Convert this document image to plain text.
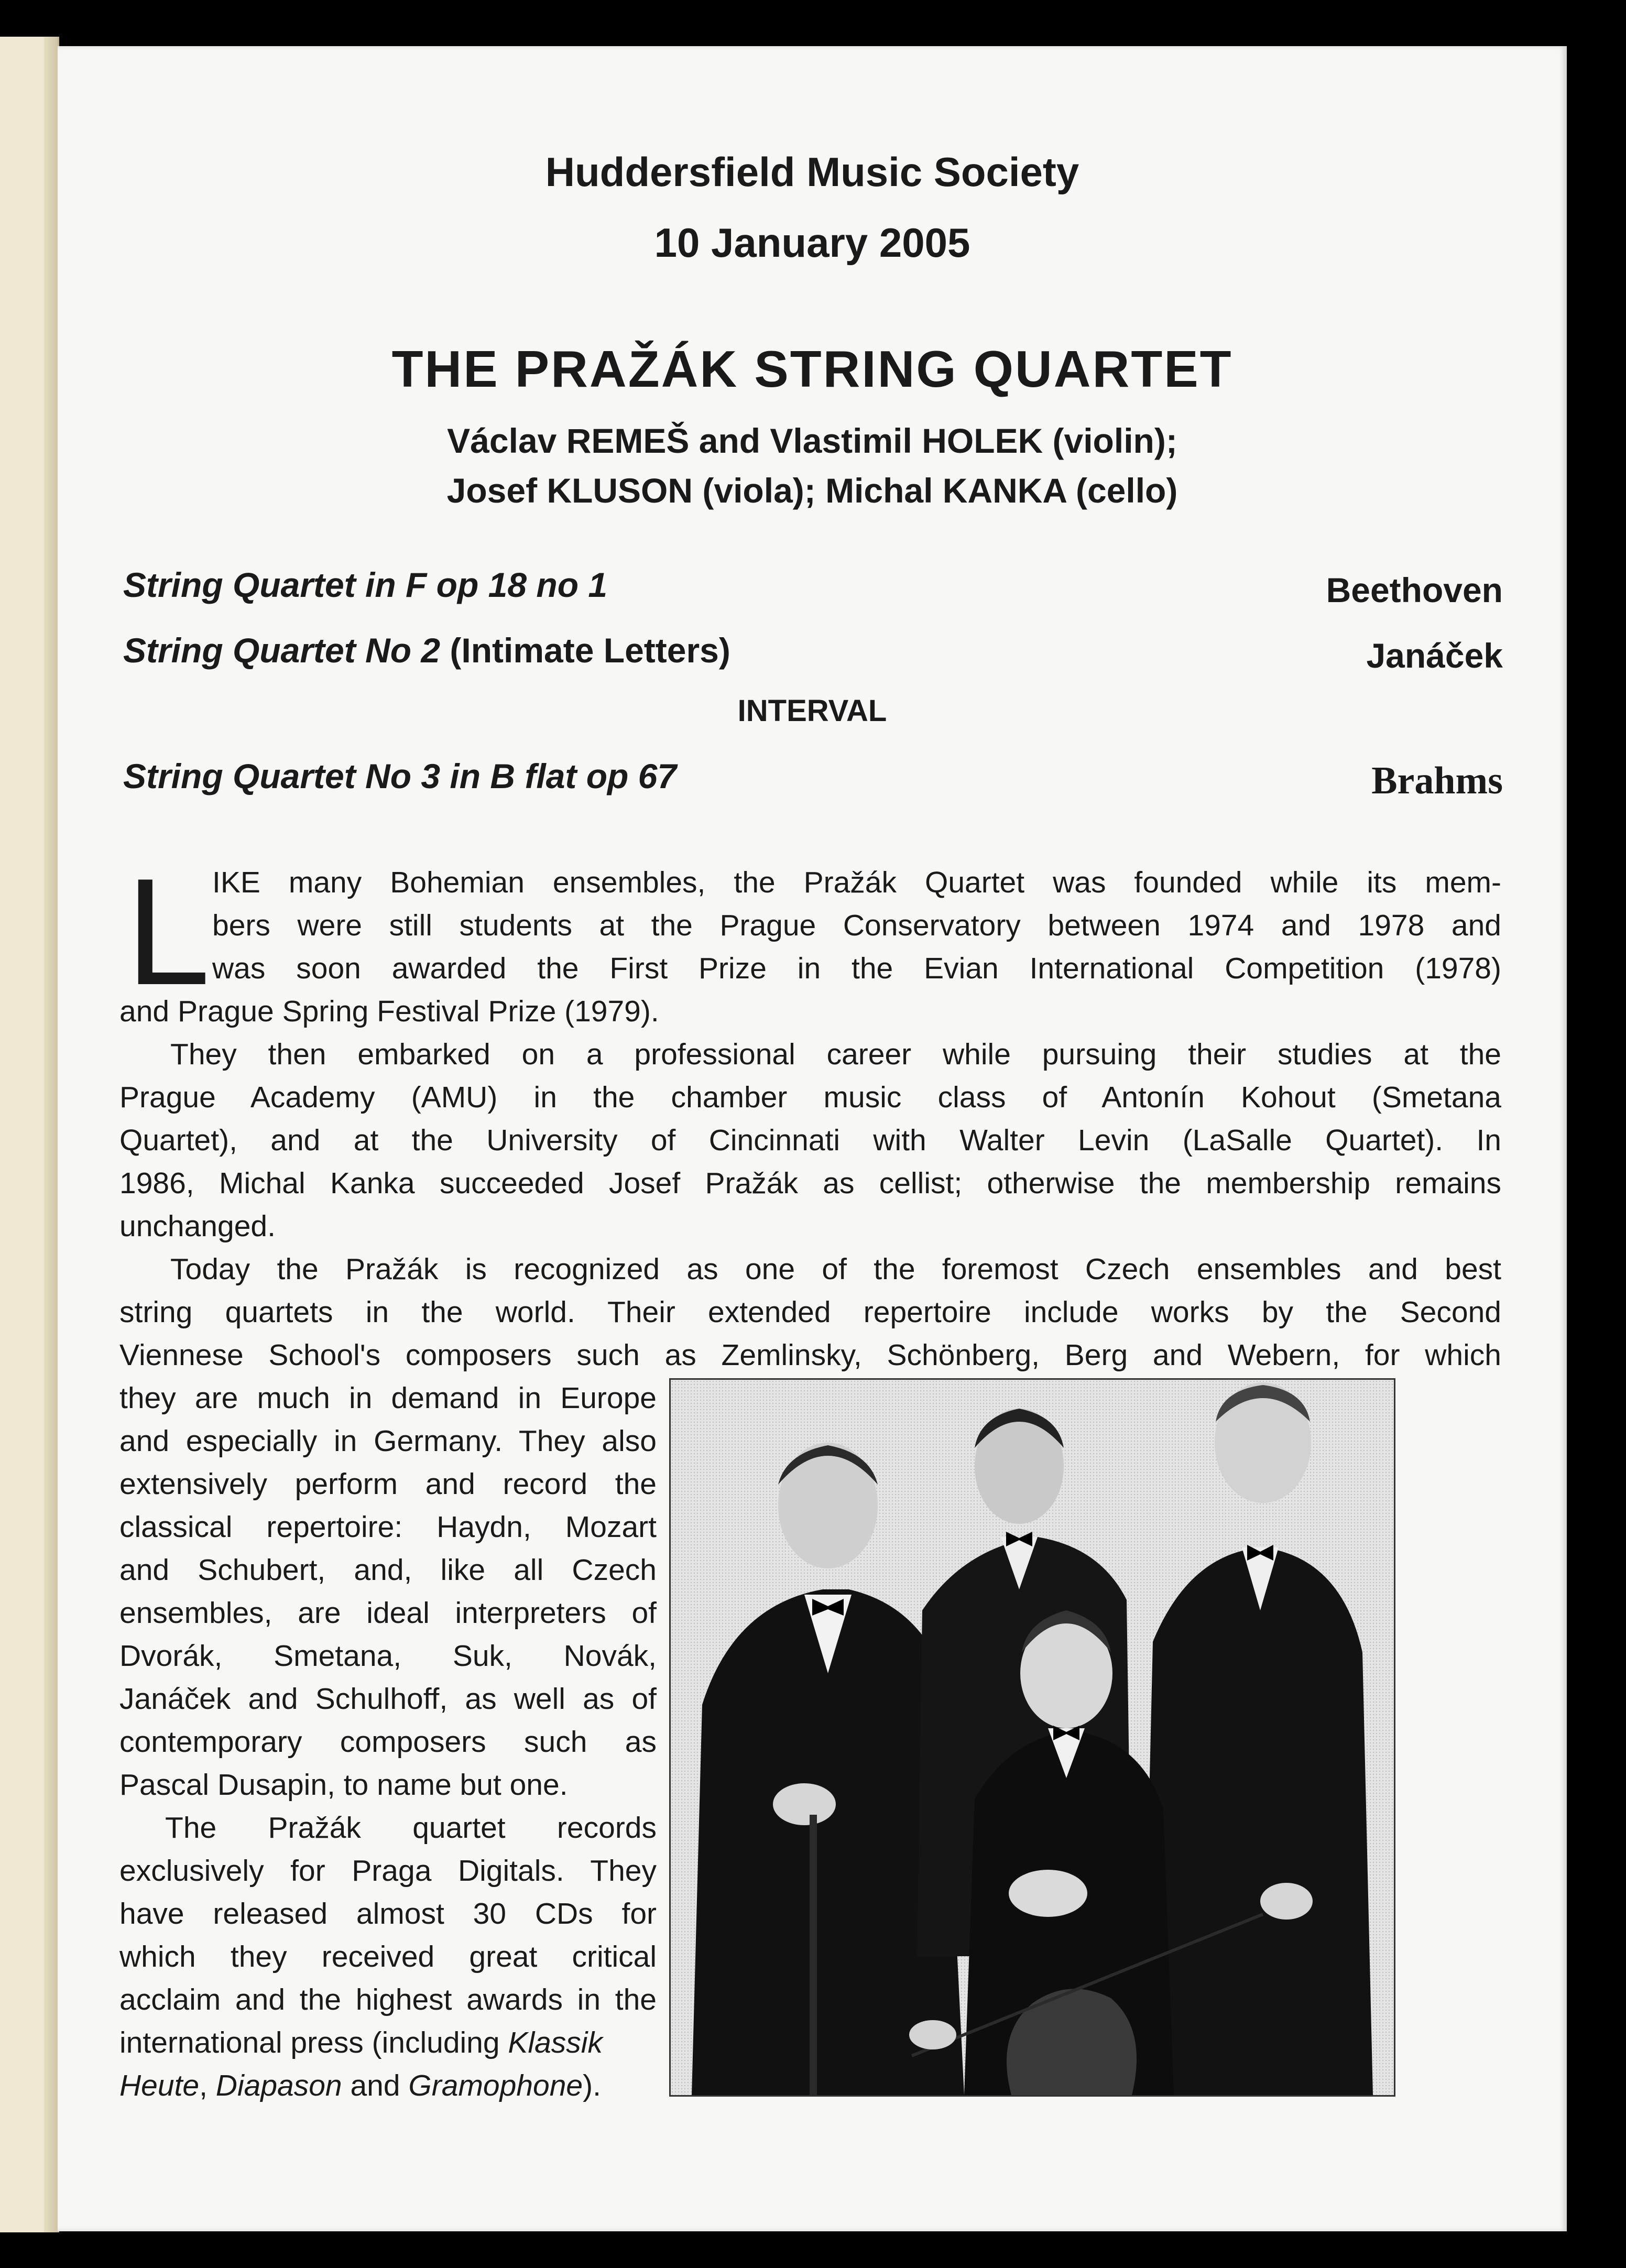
Huddersfield Music Society
10 January 2005
THE PRAŽÁK STRING QUARTET
Václav REMEŠ and Vlastimil HOLEK (violin);
Josef KLUSON (viola); Michal KANKA (cello)
String Quartet in F op 18 no 1	Beethoven
String Quartet No 2 (Intimate Letters)	Janáček
INTERVAL
String Quartet No 3 in B flat op 67	Brahms
L IKE many Bohemian ensembles, the Pražák Quartet was founded while its mem-
bers were still students at the Prague Conservatory between 1974 and 1978 and
was soon awarded the First Prize in the Evian International Competition (1978)
and Prague Spring Festival Prize (1979).
They then embarked on a professional career while pursuing their studies at the
Prague Academy (AMU) in the chamber music class of Antonín Kohout (Smetana
Quartet), and at the University of Cincinnati with Walter Levin (LaSalle Quartet). In
1986, Michal Kanka succeeded Josef Pražák as cellist; otherwise the membership remains
unchanged.
Today the Pražák is recognized as one of the foremost Czech ensembles and best
string quartets in the world. Their extended repertoire include works by the Second
Viennese School's composers such as Zemlinsky, Schönberg, Berg and Webern, for which
they are much in demand in Europe
and especially in Germany. They also
extensively perform and record the
classical repertoire: Haydn, Mozart
and Schubert, and, like all Czech
ensembles, are ideal interpreters of
Dvorák, Smetana, Suk, Novák,
Janáček and Schulhoff, as well as of
contemporary composers such as
Pascal Dusapin, to name but one.
The Pražák quartet records
exclusively for Praga Digitals. They
have released almost 30 CDs for
which they received great critical
acclaim and the highest awards in the
international press (including Klassik
Heute, Diapason and Gramophone).
